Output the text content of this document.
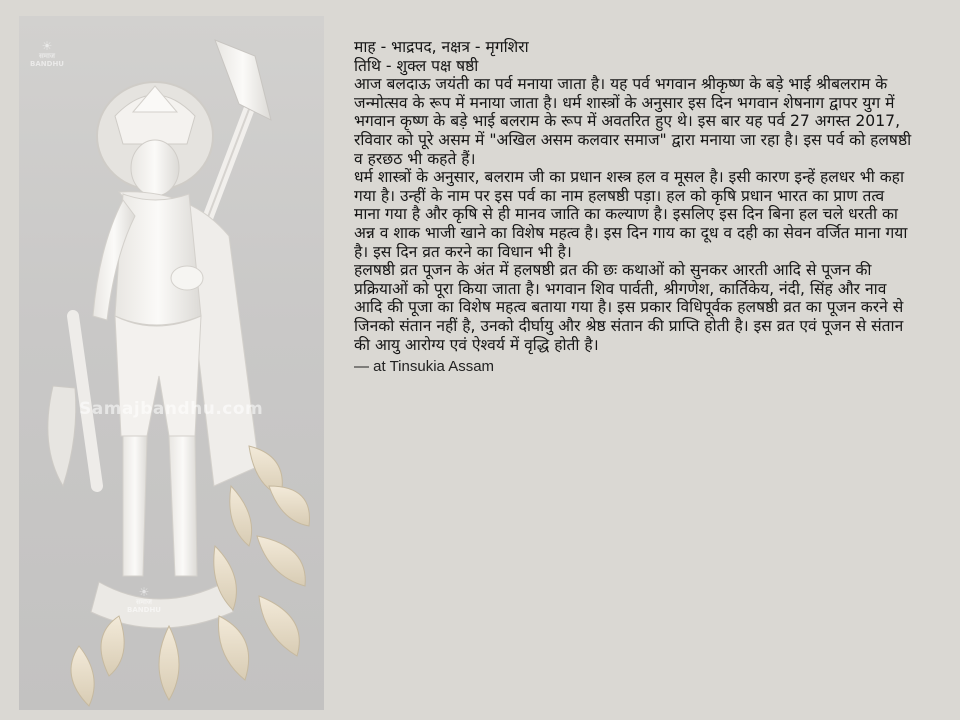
☀
समाज
BANDHU
Samajbandhu.com
☀
समाज
BANDHU

माह - भाद्रपद, नक्षत्र - मृगशिरा

तिथि - शुक्ल पक्ष षष्ठी

आज बलदाऊ जयंती का पर्व मनाया जाता है। यह पर्व भगवान श्रीकृष्ण के बड़े भाई श्रीबलराम के जन्मोत्सव के रूप में मनाया जाता है। धर्म शास्त्रों के अनुसार इस दिन भगवान शेषनाग द्वापर युग में भगवान कृष्ण के बड़े भाई बलराम के रूप में अवतरित हुए थे। इस बार यह पर्व 27 अगस्त 2017, रविवार को पूरे असम में "अखिल असम कलवार समाज" द्वारा मनाया जा रहा है। इस पर्व को हलषष्ठी व हरछठ भी कहते हैं।

धर्म शास्त्रों के अनुसार, बलराम जी का प्रधान शस्त्र हल व मूसल है। इसी कारण इन्हें हलधर भी कहा गया है। उन्हीं के नाम पर इस पर्व का नाम हलषष्ठी पड़ा। हल को कृषि प्रधान भारत का प्राण तत्व माना गया है और कृषि से ही मानव जाति का कल्याण है। इसलिए इस दिन बिना हल चले धरती का अन्न व शाक भाजी खाने का विशेष महत्व है। इस दिन गाय का दूध व दही का सेवन वर्जित माना गया है। इस दिन व्रत करने का विधान भी है।

हलषष्ठी व्रत पूजन के अंत में हलषष्ठी व्रत की छः कथाओं को सुनकर आरती आदि से पूजन की प्रक्रियाओं को पूरा किया जाता है। भगवान शिव पार्वती, श्रीगणेश, कार्तिकेय, नंदी, सिंह और नाव आदि की पूजा का विशेष महत्व बताया गया है। इस प्रकार विधिपूर्वक हलषष्ठी व्रत का पूजन करने से जिनको संतान नहीं है, उनको दीर्घायु और श्रेष्ठ संतान की प्राप्ति होती है। इस व्रत एवं पूजन से संतान की आयु आरोग्य एवं ऐश्वर्य में वृद्धि होती है।

— at Tinsukia Assam
